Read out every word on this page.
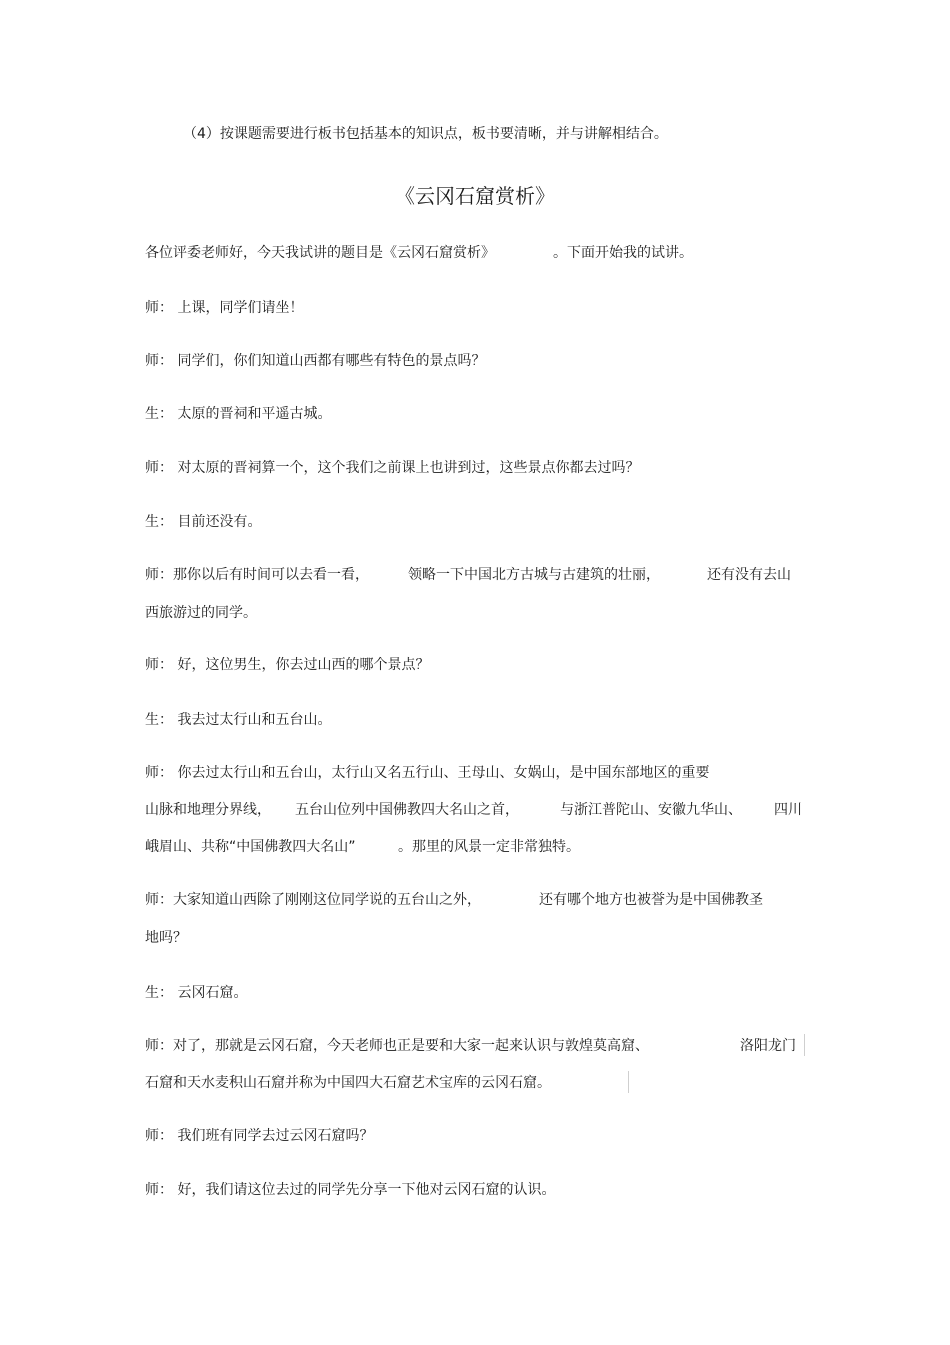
（4）按课题需要进行板书包括基本的知识点，板书要清晰，并与讲解相结合。
《云冈石窟赏析》
各位评委老师好，今天我试讲的题目是《云冈石窟赏析》	。下面开始我的试讲。
师： 上课，同学们请坐！
师： 同学们，你们知道山西都有哪些有特色的景点吗？
生： 太原的晋祠和平遥古城。
师： 对太原的晋祠算一个，这个我们之前课上也讲到过，这些景点你都去过吗？
生： 目前还没有。
师：那你以后有时间可以去看一看，	领略一下中国北方古城与古建筑的壮丽，	还有没有去山
西旅游过的同学。
师： 好，这位男生，你去过山西的哪个景点？
生： 我去过太行山和五台山。
师： 你去过太行山和五台山，太行山又名五行山、王母山、女娲山，是中国东部地区的重要
山脉和地理分界线， 五台山位列中国佛教四大名山之首，	与浙江普陀山、安徽九华山、 四川
峨眉山、共称“中国佛教四大名山”	。那里的风景一定非常独特。
师：大家知道山西除了刚刚这位同学说的五台山之外，	还有哪个地方也被誉为是中国佛教圣
地吗？
生： 云冈石窟。
师：对了，那就是云冈石窟，今天老师也正是要和大家一起来认识与敦煌莫高窟、	洛阳龙门
石窟和天水麦积山石窟并称为中国四大石窟艺术宝库的云冈石窟。
师： 我们班有同学去过云冈石窟吗？
师： 好，我们请这位去过的同学先分享一下他对云冈石窟的认识。
